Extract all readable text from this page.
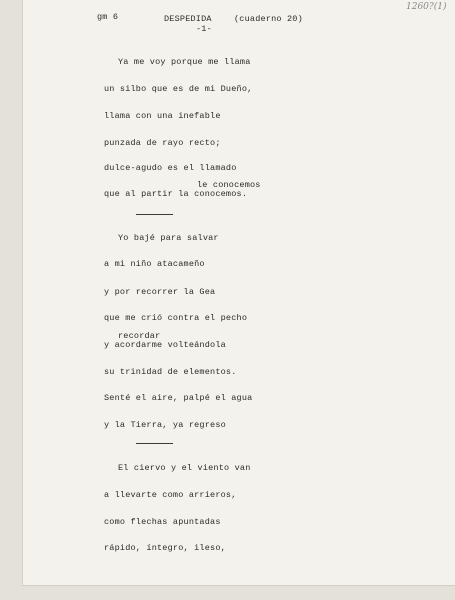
gm 6	DESPEDIDA	(cuaderno 20)
-1-
1260?(1)
Ya me voy porque me llama
un silbo que es de mi Dueño,
llama con una inefable
punzada de rayo recto;
dulce-agudo es el llamado
le conocemos
que al partir la conocemos.
Yo bajé para salvar
a mi niño atacameño
y por recorrer la Gea
que me crió contra el pecho
recordar
y acordarme volteándola
su trinidad de elementos.
Senté el aire, palpé el agua
y la Tierra, ya regreso
El ciervo y el viento van
a llevarte como arrieros,
como flechas apuntadas
rápido, íntegro, ileso,
